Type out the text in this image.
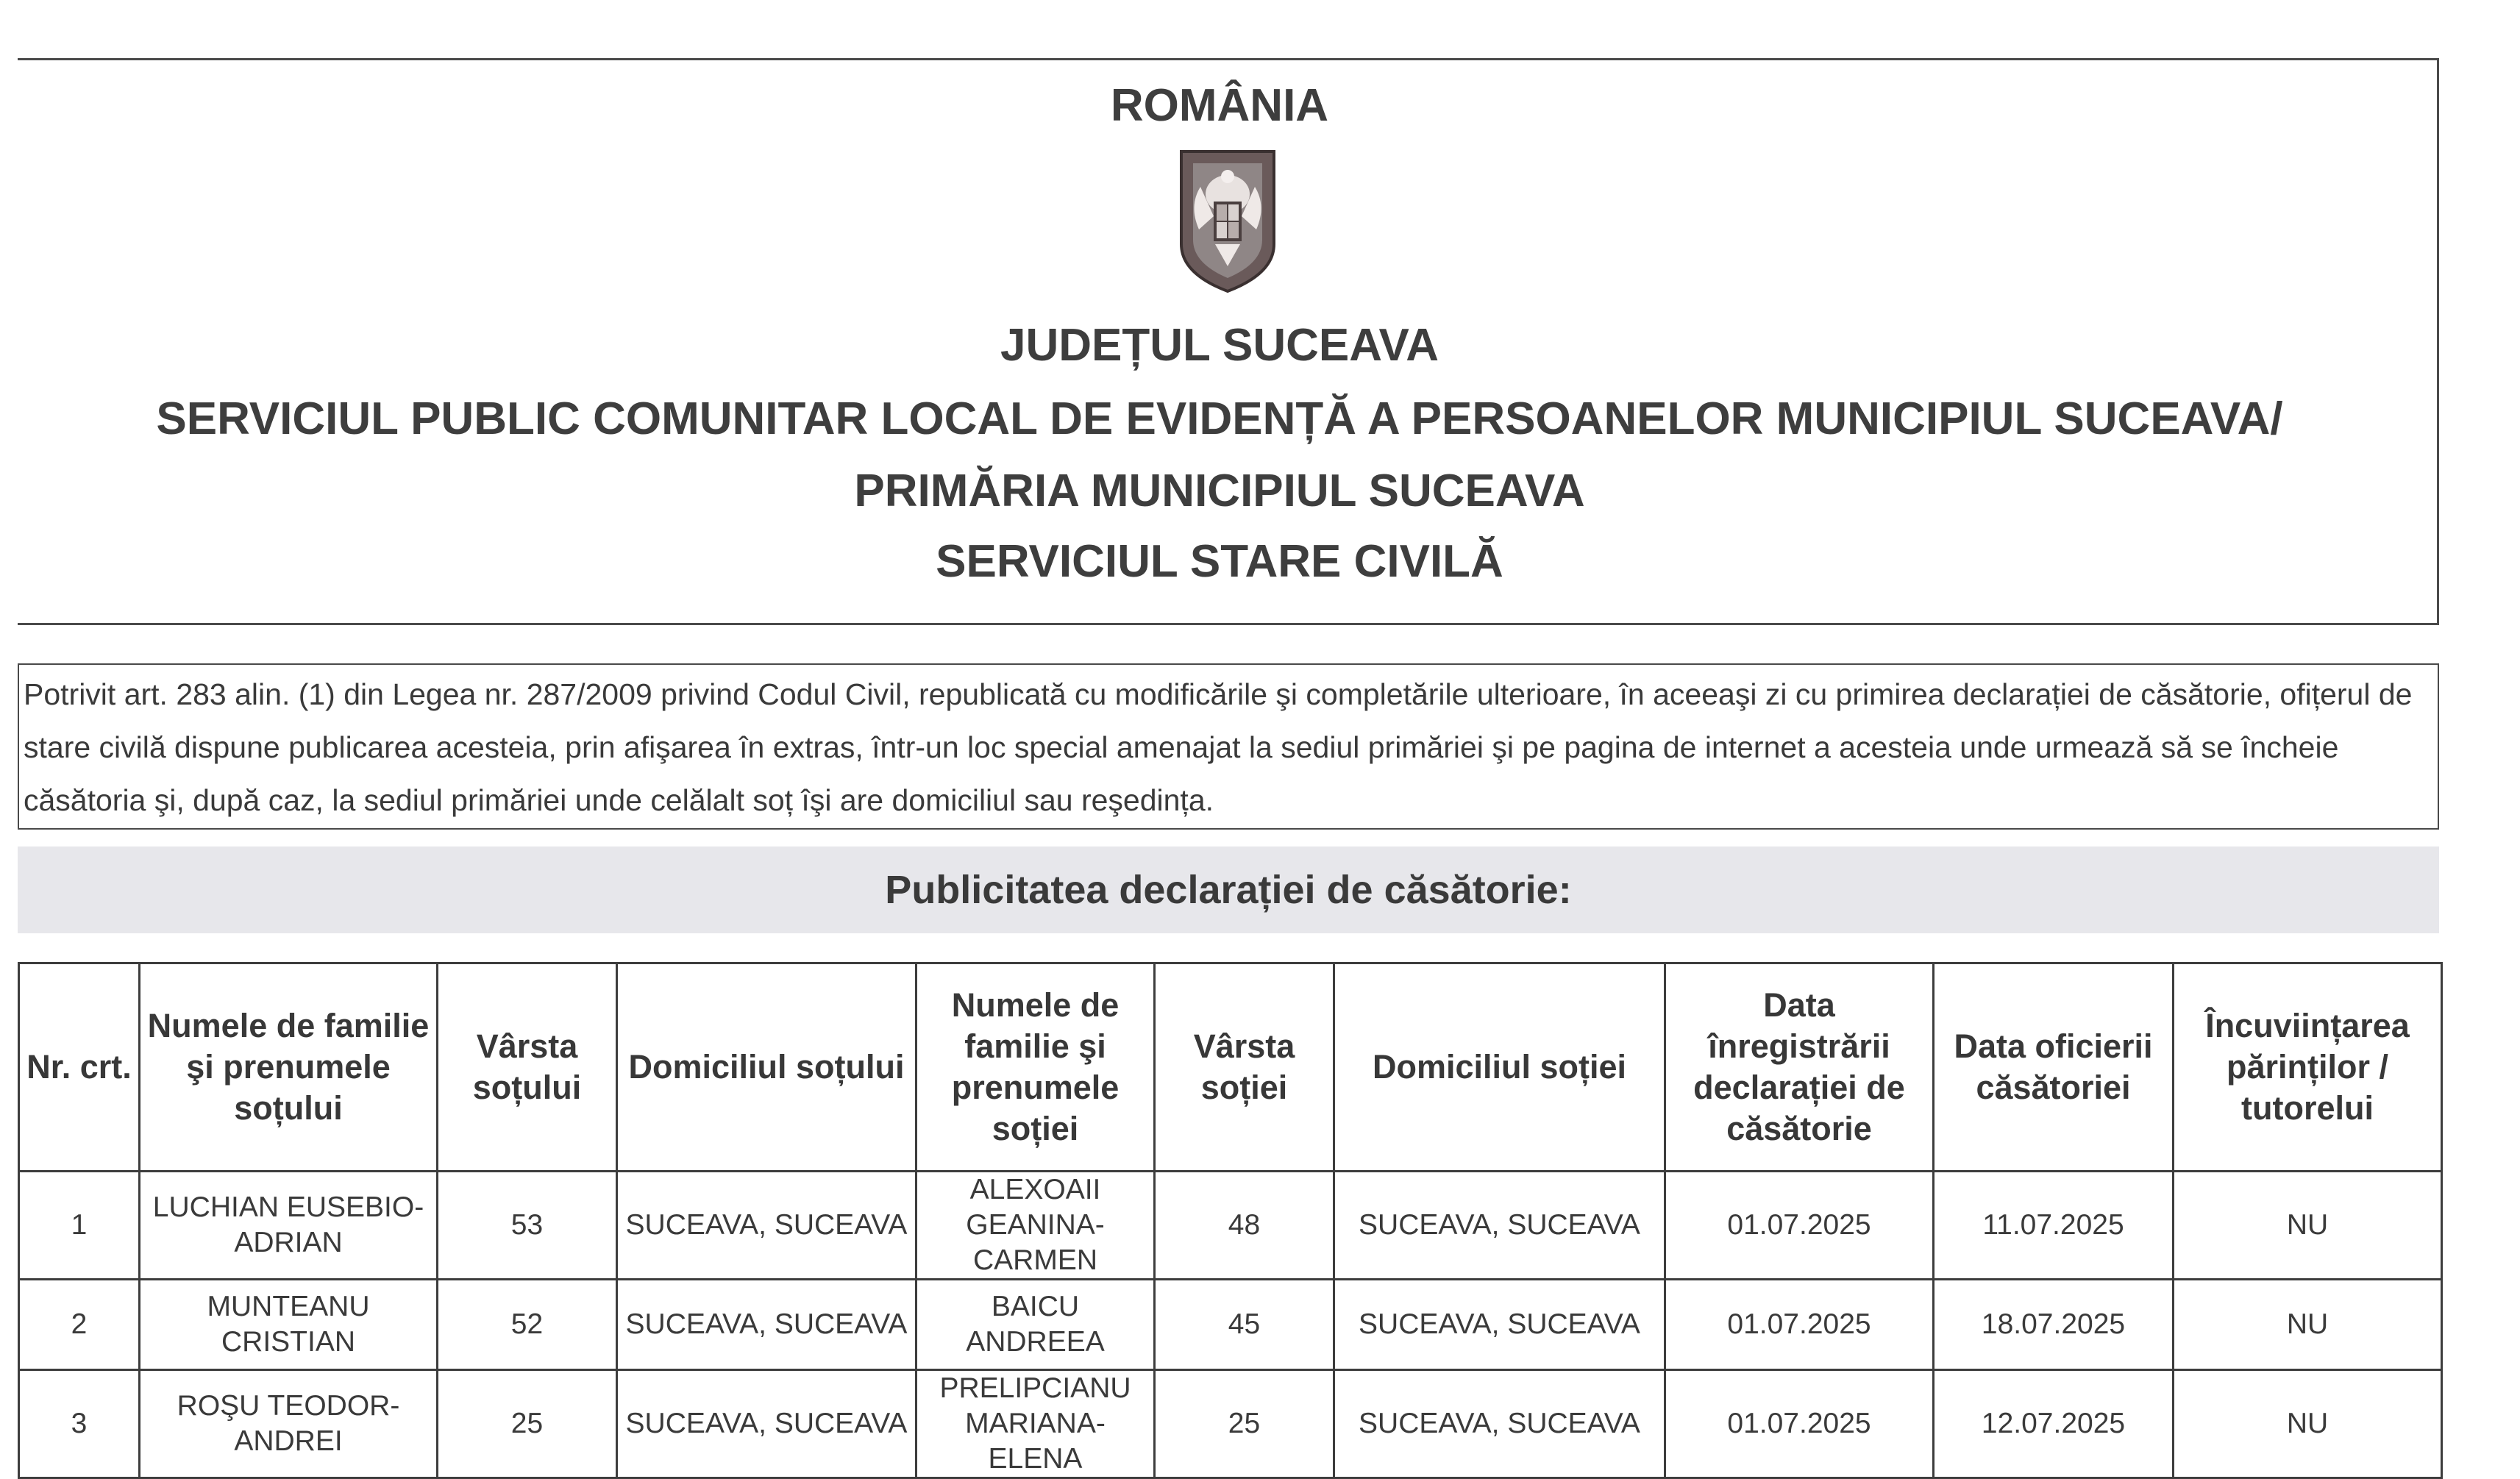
ROMÂNIA
JUDEȚUL SUCEAVA
SERVICIUL PUBLIC COMUNITAR LOCAL DE EVIDENȚĂ A PERSOANELOR MUNICIPIUL SUCEAVA/
PRIMĂRIA MUNICIPIUL SUCEAVA
SERVICIUL STARE CIVILĂ
Potrivit art. 283 alin. (1) din Legea nr. 287/2009 privind Codul Civil, republicată cu modificările şi completările ulterioare, în aceeaşi zi cu primirea declarației de căsătorie, ofițerul de stare civilă dispune publicarea acesteia, prin afişarea în extras, într-un loc special amenajat la sediul primăriei şi pe pagina de internet a acesteia unde urmează să se încheie căsătoria şi, după caz, la sediul primăriei unde celălalt soț îşi are domiciliul sau reşedința.
Publicitatea declarației de căsătorie:
Nr. crt.	Numele de familie şi prenumele soțului	Vârsta soțului	Domiciliul soțului	Numele de familie şi prenumele soției	Vârsta soției	Domiciliul soției	Data înregistrării declarației de căsătorie	Data oficierii căsătoriei	Încuviințarea părinților / tutorelui
1	LUCHIAN EUSEBIO-ADRIAN	53	SUCEAVA, SUCEAVA	ALEXOAII GEANINA-CARMEN	48	SUCEAVA, SUCEAVA	01.07.2025	11.07.2025	NU
2	MUNTEANU CRISTIAN	52	SUCEAVA, SUCEAVA	BAICU ANDREEA	45	SUCEAVA, SUCEAVA	01.07.2025	18.07.2025	NU
3	ROŞU TEODOR-ANDREI	25	SUCEAVA, SUCEAVA	PRELIPCIANU MARIANA-ELENA	25	SUCEAVA, SUCEAVA	01.07.2025	12.07.2025	NU
